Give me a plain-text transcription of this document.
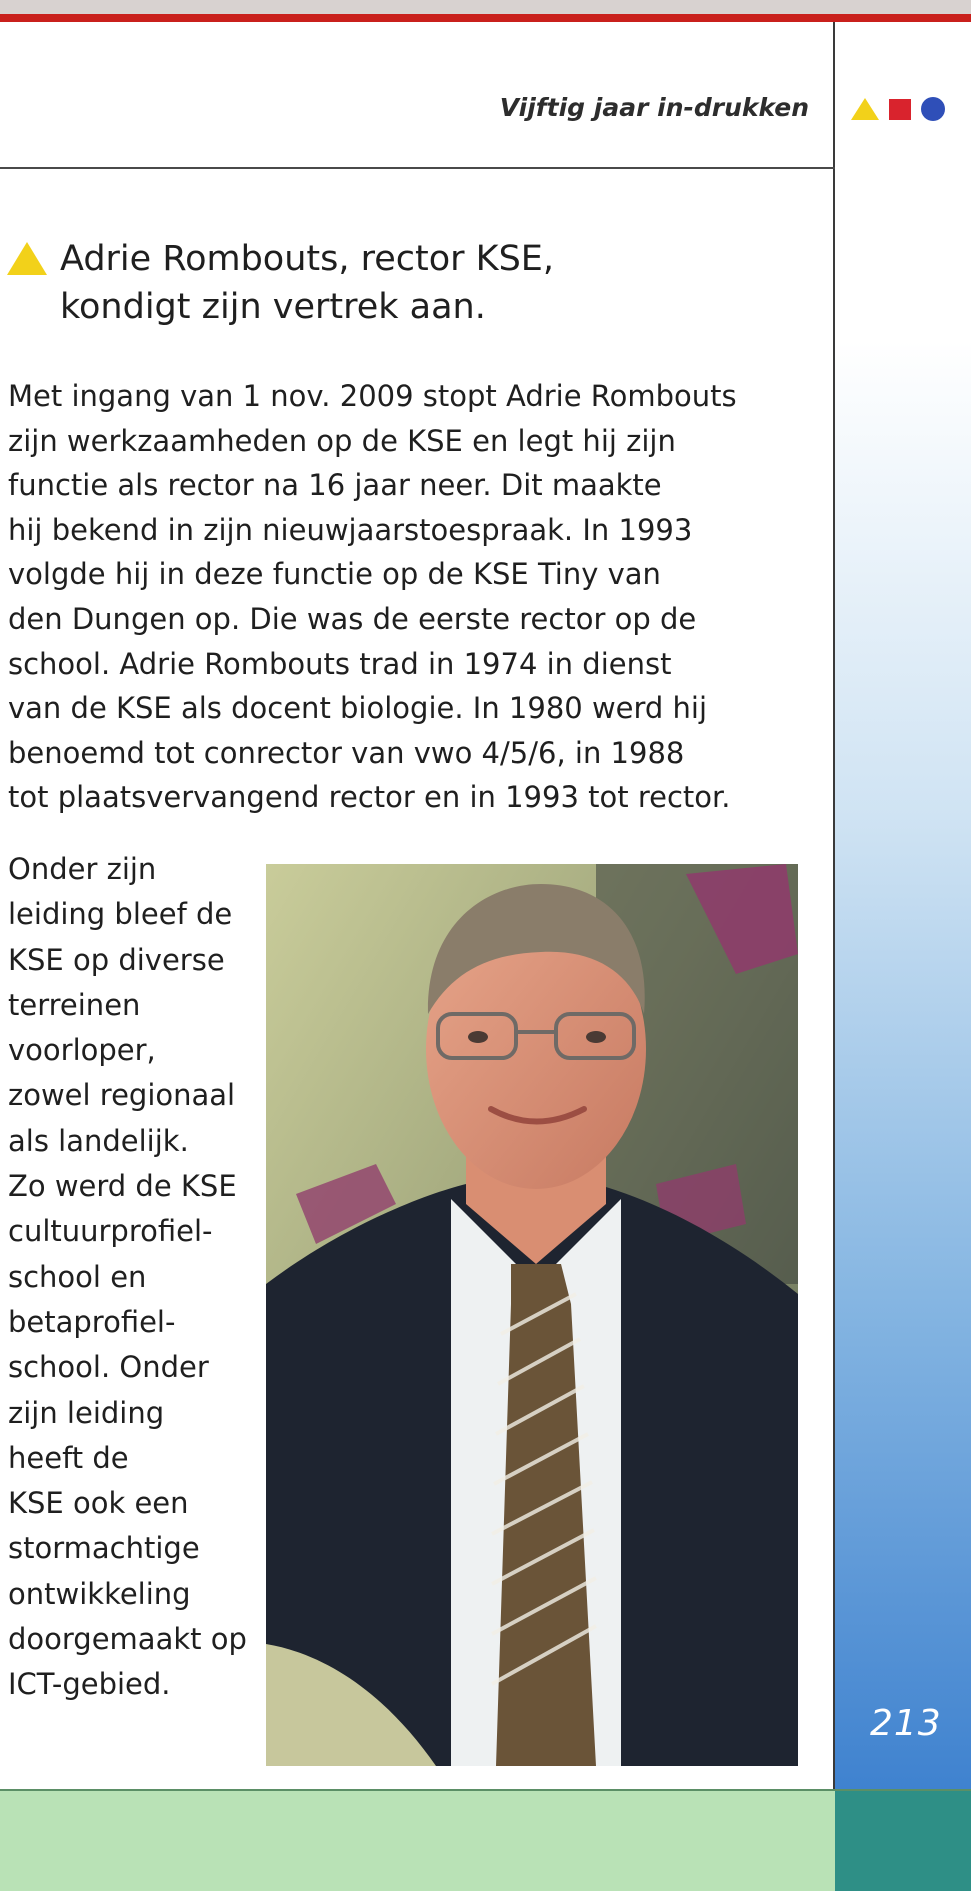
Vijftig jaar in-drukken
Adrie Rombouts, rector KSE,
kondigt zijn vertrek aan.
Met ingang van 1 nov. 2009 stopt Adrie Rombouts
zijn werkzaamheden op de KSE en legt hij zijn
functie als rector na 16 jaar neer. Dit maakte
hij bekend in zijn nieuwjaarstoespraak. In 1993
volgde hij in deze functie op de KSE Tiny van
den Dungen op. Die was de eerste rector op de
school. Adrie Rombouts trad in 1974 in dienst
van de KSE als docent biologie. In 1980 werd hij
benoemd tot conrector van vwo 4/5/6, in 1988
tot plaatsvervangend rector en in 1993 tot rector.
Onder zijn
leiding bleef de
KSE op diverse
terreinen
voorloper,
zowel regionaal
als landelijk.
Zo werd de KSE
cultuurprofiel-
school en
betaprofiel-
school. Onder
zijn leiding
heeft de
KSE ook een
stormachtige
ontwikkeling
doorgemaakt op
ICT-gebied.
213
